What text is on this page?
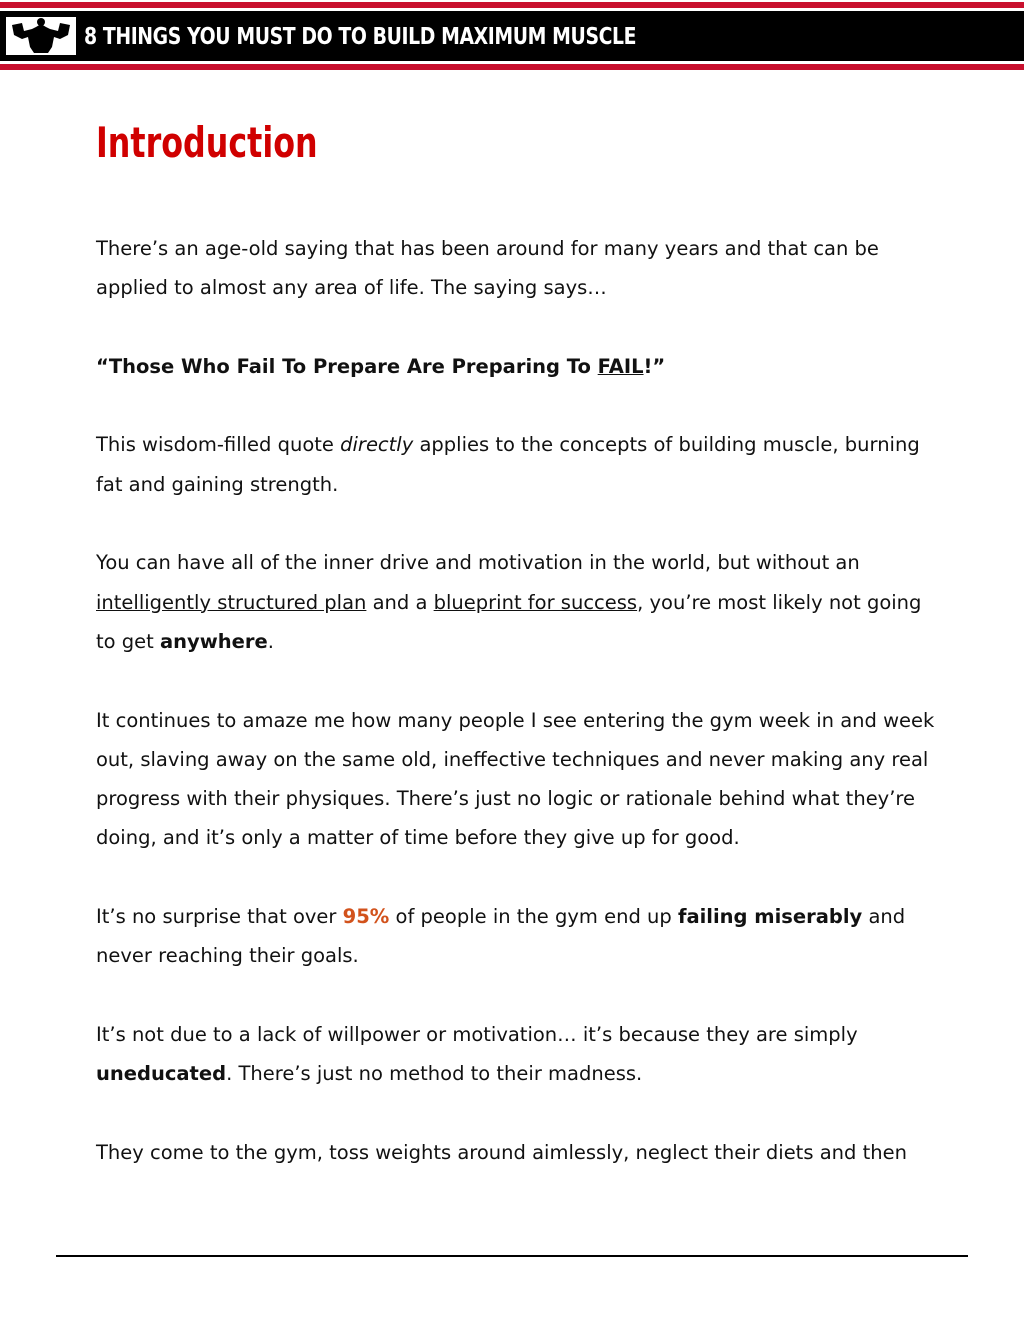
8 THINGS YOU MUST DO TO BUILD MAXIMUM MUSCLE
Introduction

There’s an age-old saying that has been around for many years and that can be applied to almost any area of life. The saying says…

“Those Who Fail To Prepare Are Preparing To FAIL!”

This wisdom-filled quote directly applies to the concepts of building muscle, burning fat and gaining strength.

You can have all of the inner drive and motivation in the world, but without an intelligently structured plan and a blueprint for success, you’re most likely not going to get anywhere.

It continues to amaze me how many people I see entering the gym week in and week out, slaving away on the same old, ineffective techniques and never making any real progress with their physiques. There’s just no logic or rationale behind what they’re doing, and it’s only a matter of time before they give up for good.

It’s no surprise that over 95% of people in the gym end up failing miserably and never reaching their goals.

It’s not due to a lack of willpower or motivation… it’s because they are simply uneducated. There’s just no method to their madness.

They come to the gym, toss weights around aimlessly, neglect their diets and then
